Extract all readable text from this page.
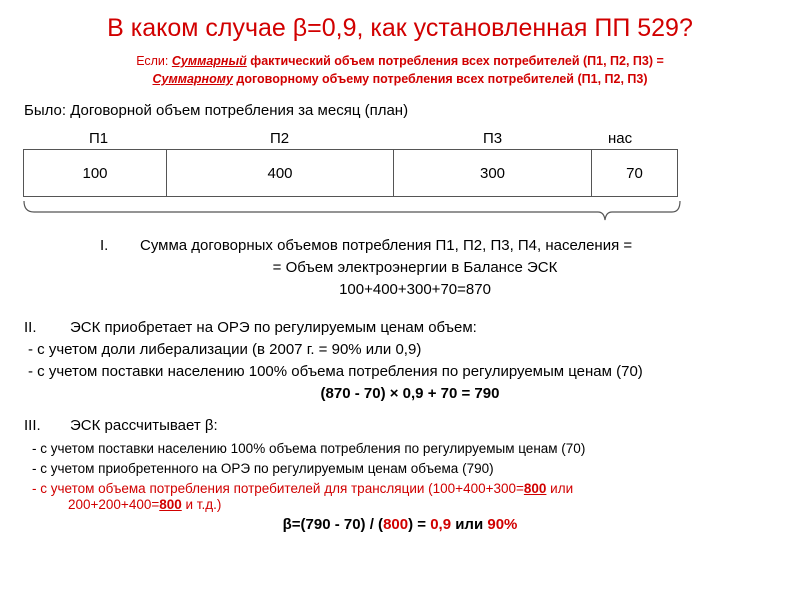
В каком случае β=0,9, как установленная ПП 529?
Если: Суммарный фактический объем потребления всех потребителей (П1, П2, П3) =
Суммарному договорному объему потребления всех потребителей (П1, П2, П3)
Было: Договорной объем потребления за месяц (план)
П1	П2	П3	нас
100	400	300	70
I. Сумма договорных объемов потребления П1, П2, П3, П4, населения =
= Объем электроэнергии в Балансе ЭСК
100+400+300+70=870
II. ЭСК приобретает на ОРЭ по регулируемым ценам объем:
- с учетом доли либерализации (в 2007 г. = 90% или 0,9)
- с учетом поставки населению 100% объема потребления по регулируемым ценам (70)
(870 - 70) × 0,9 + 70 = 790
III. ЭСК рассчитывает β:
- с учетом поставки населению 100% объема потребления по регулируемым ценам (70)
- с учетом приобретенного на ОРЭ по регулируемым ценам объема (790)
- с учетом объема потребления потребителей для трансляции (100+400+300=800 или
200+200+400=800 и т.д.)
β=(790 - 70) / (800) = 0,9 или 90%
